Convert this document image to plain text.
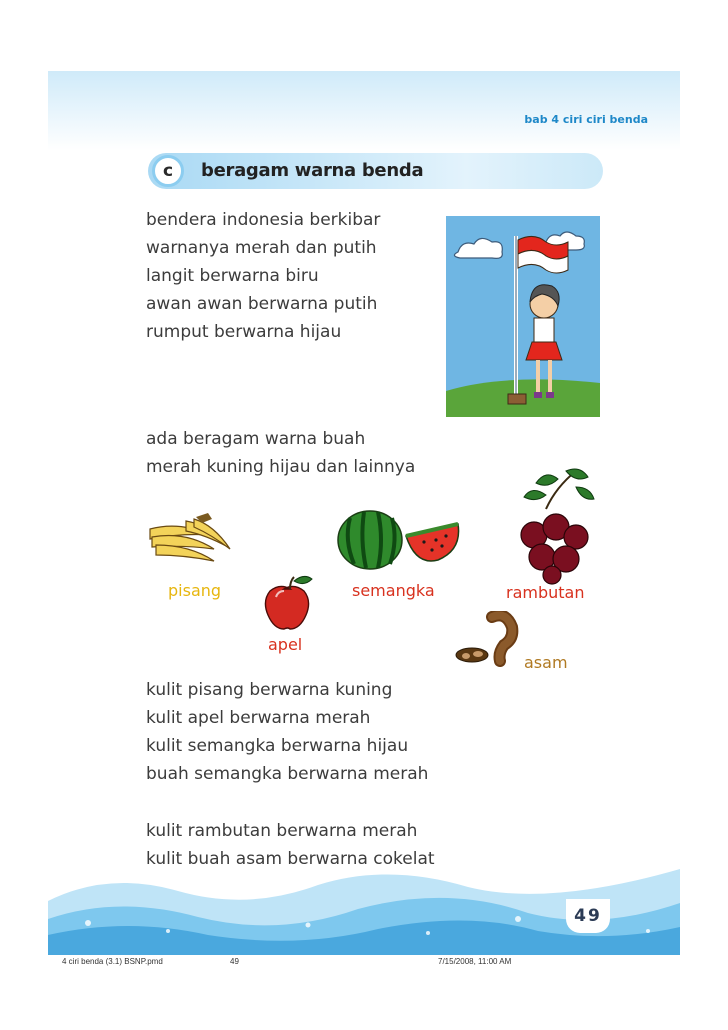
bab 4 ciri ciri benda
c	beragam warna benda
bendera indonesia berkibar
warnanya merah dan putih
langit berwarna biru
awan awan berwarna putih
rumput berwarna hijau
ada beragam warna buah
merah kuning hijau dan lainnya
pisang	semangka	rambutan
apel
asam
kulit pisang berwarna kuning
kulit apel berwarna merah
kulit semangka berwarna hijau
buah semangka berwarna merah
kulit rambutan berwarna merah
kulit buah asam berwarna cokelat
49
4 ciri benda (3.1) BSNP.pmd	49	7/15/2008, 11:00 AM
